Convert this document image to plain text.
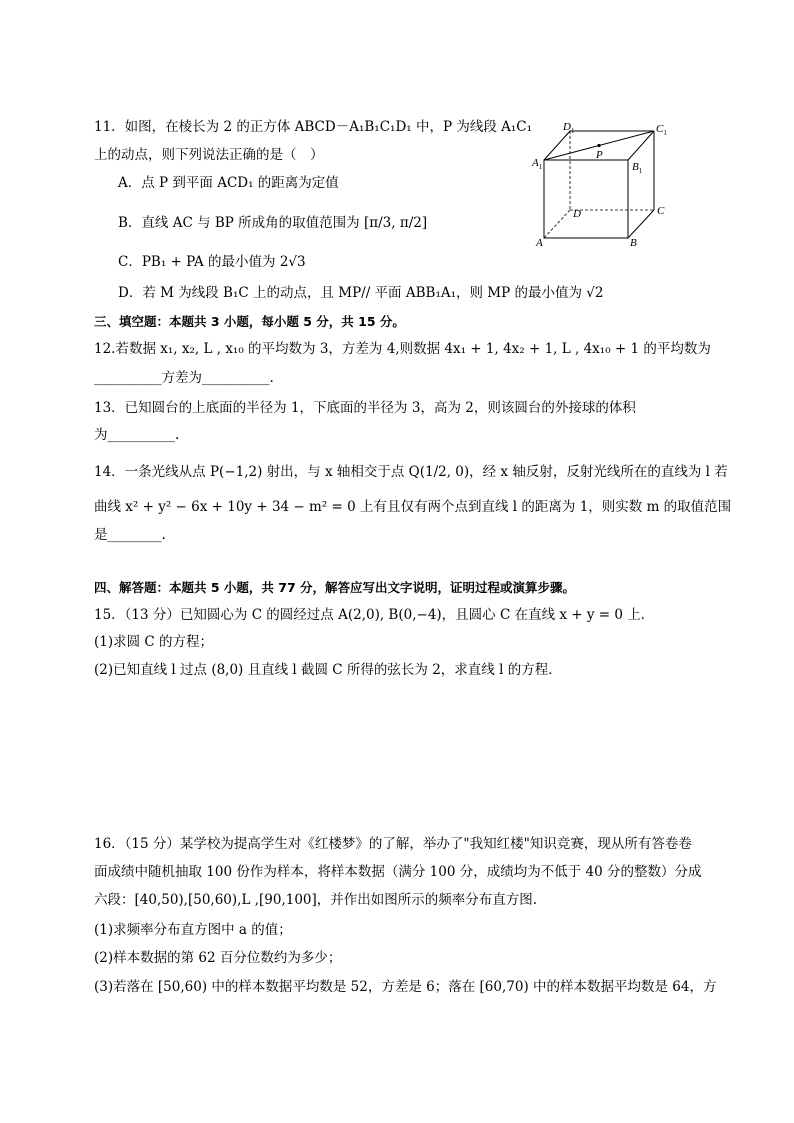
11．如图，在棱长为 2 的正方体 ABCD－A₁B₁C₁D₁ 中，P 为线段 A₁C₁
上的动点，则下列说法正确的是（　）
A．点 P 到平面 ACD₁ 的距离为定值
B．直线 AC 与 BP 所成角的取值范围为 [π/3, π/2]
C．PB₁ + PA 的最小值为 2√3
D．若 M 为线段 B₁C 上的动点，且 MP// 平面 ABB₁A₁，则 MP 的最小值为 √2
$D_1$	$C_1$
$A_1$	$B_1$
P
D	C
A	B
三、填空题：本题共 3 小题，每小题 5 分，共 15 分。
12.若数据 x₁, x₂, L , x₁₀ 的平均数为 3，方差为 4,则数据 4x₁ + 1, 4x₂ + 1, L , 4x₁₀ + 1 的平均数为
__________方差为__________.
13．已知圆台的上底面的半径为 1，下底面的半径为 3，高为 2，则该圆台的外接球的体积
为__________.
14．一条光线从点 P(−1,2) 射出，与 x 轴相交于点 Q(1/2, 0)，经 x 轴反射，反射光线所在的直线为 l 若
曲线 x² + y² − 6x + 10y + 34 − m² = 0 上有且仅有两个点到直线 l 的距离为 1，则实数 m 的取值范围
是________.
四、解答题：本题共 5 小题，共 77 分，解答应写出文字说明，证明过程或演算步骤。
15．（13 分）已知圆心为 C 的圆经过点 A(2,0), B(0,−4)，且圆心 C 在直线 x + y = 0 上．
(1)求圆 C 的方程；
(2)已知直线 l 过点 (8,0) 且直线 l 截圆 C 所得的弦长为 2，求直线 l 的方程．
16．（15 分）某学校为提高学生对《红楼梦》的了解，举办了"我知红楼"知识竞赛，现从所有答卷卷
面成绩中随机抽取 100 份作为样本，将样本数据（满分 100 分，成绩均为不低于 40 分的整数）分成
六段：[40,50),[50,60),L ,[90,100]，并作出如图所示的频率分布直方图.
(1)求频率分布直方图中 a 的值；
(2)样本数据的第 62 百分位数约为多少；
(3)若落在 [50,60) 中的样本数据平均数是 52，方差是 6；落在 [60,70) 中的样本数据平均数是 64，方
